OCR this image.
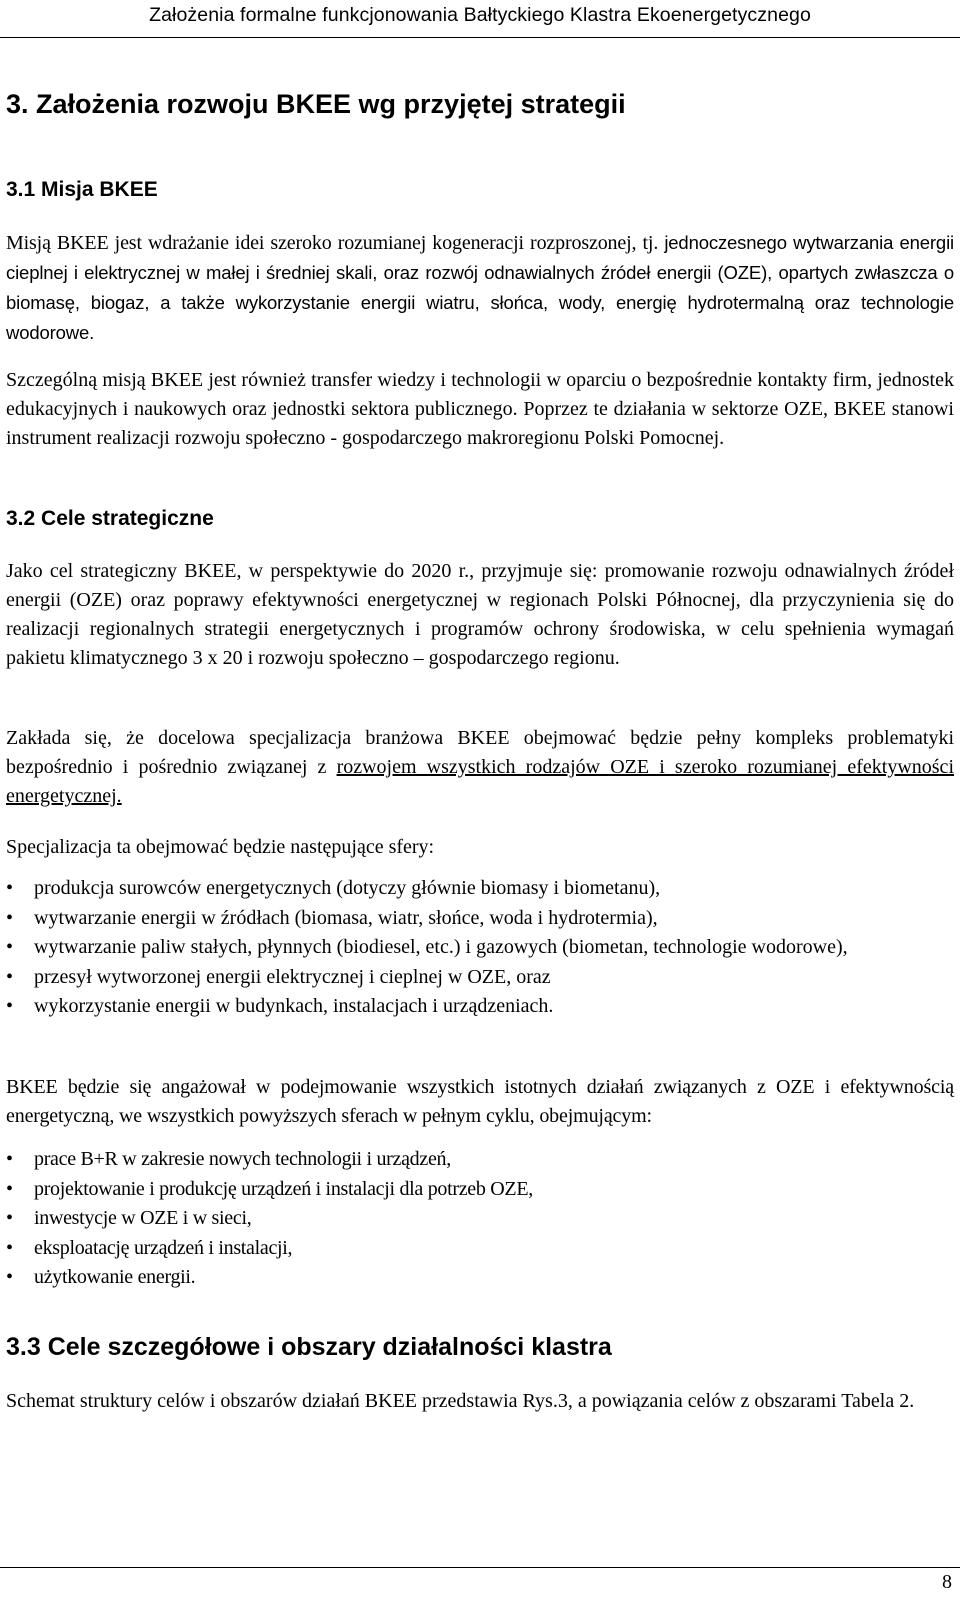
Założenia formalne funkcjonowania Bałtyckiego Klastra Ekoenergetycznego
3. Założenia rozwoju BKEE wg przyjętej strategii
3.1 Misja BKEE

Misją BKEE jest wdrażanie idei szeroko rozumianej kogeneracji rozproszonej, tj. jednoczesnego wytwarzania energii cieplnej i elektrycznej w małej i średniej skali, oraz rozwój odnawialnych źródeł energii (OZE), opartych zwłaszcza o biomasę, biogaz, a także wykorzystanie energii wiatru, słońca, wody, energię hydrotermalną oraz technologie wodorowe.

Szczególną misją BKEE jest również transfer wiedzy i technologii w oparciu o bezpośrednie kontakty firm, jednostek edukacyjnych i naukowych oraz jednostki sektora publicznego. Poprzez te działania w sektorze OZE, BKEE stanowi instrument realizacji rozwoju społeczno - gospodarczego makroregionu Polski Pomocnej.

3.2 Cele strategiczne

Jako cel strategiczny BKEE, w perspektywie do 2020 r., przyjmuje się: promowanie rozwoju odnawialnych źródeł energii (OZE) oraz poprawy efektywności energetycznej w regionach Polski Północnej, dla przyczynienia się do realizacji regionalnych strategii energetycznych i programów ochrony środowiska, w celu spełnienia wymagań pakietu klimatycznego 3 x 20 i rozwoju społeczno – gospodarczego regionu.

Zakłada się, że docelowa specjalizacja branżowa BKEE obejmować będzie pełny kompleks problematyki bezpośrednio i pośrednio związanej z rozwojem wszystkich rodzajów OZE i szeroko rozumianej efektywności energetycznej.

Specjalizacja ta obejmować będzie następujące sfery:

• produkcja surowców energetycznych (dotyczy głównie biomasy i biometanu),
• wytwarzanie energii w źródłach (biomasa, wiatr, słońce, woda i hydrotermia),
• wytwarzanie paliw stałych, płynnych (biodiesel, etc.) i gazowych (biometan, technologie wodorowe),
• przesył wytworzonej energii elektrycznej i cieplnej w OZE, oraz
• wykorzystanie energii w budynkach, instalacjach i urządzeniach.

BKEE będzie się angażował w podejmowanie wszystkich istotnych działań związanych z OZE i efektywnością energetyczną, we wszystkich powyższych sferach w pełnym cyklu, obejmującym:

• prace B+R w zakresie nowych technologii i urządzeń,
• projektowanie i produkcję urządzeń i instalacji dla potrzeb OZE,
• inwestycje w OZE i w sieci,
• eksploatację urządzeń i instalacji,
• użytkowanie energii.
3.3 Cele szczegółowe i obszary działalności klastra

Schemat struktury celów i obszarów działań BKEE przedstawia Rys.3, a powiązania celów z obszarami Tabela 2.

8
